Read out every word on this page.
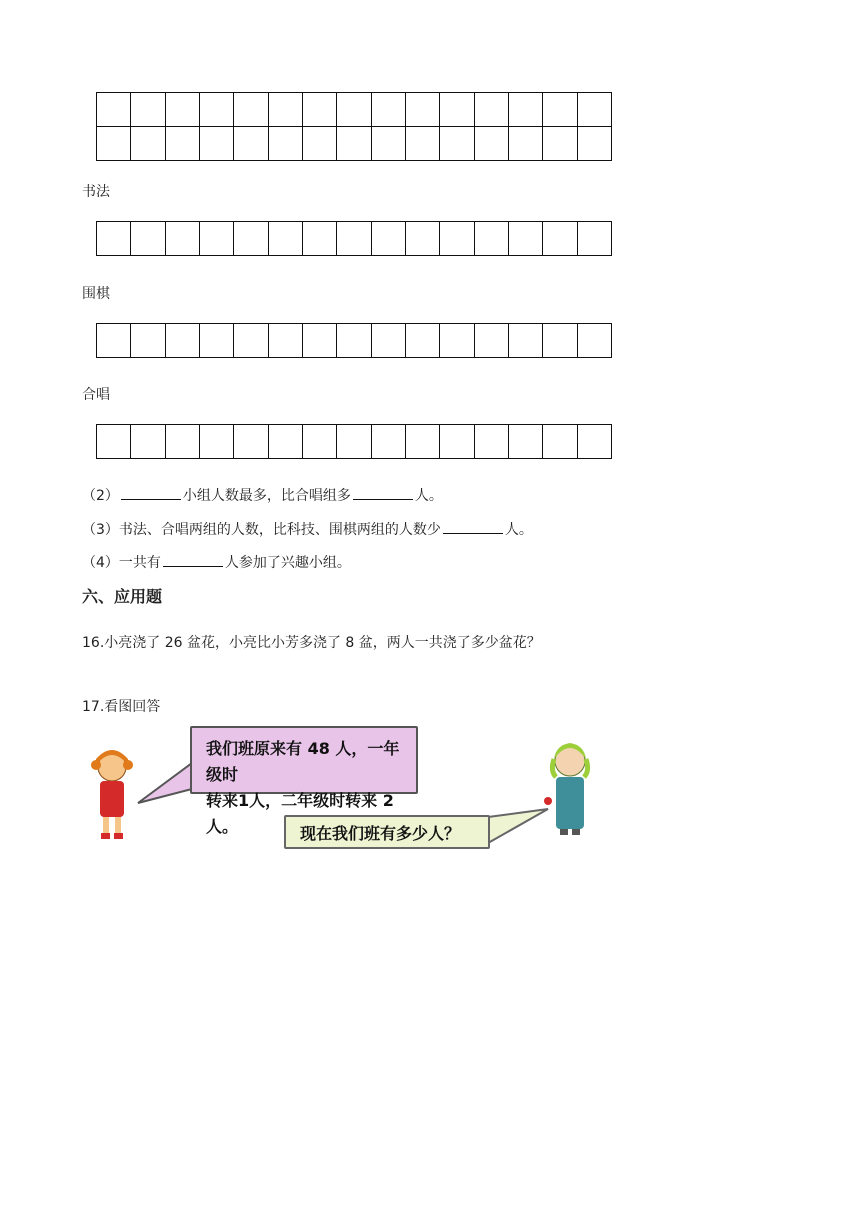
书法
围棋
合唱
（2）	小组人数最多，比合唱组多	人。
（3）书法、合唱两组的人数，比科技、围棋两组的人数少	人。
（4）一共有	人参加了兴趣小组。
六、应用题
16.小亮浇了 26 盆花，小亮比小芳多浇了 8 盆，两人一共浇了多少盆花？
17.看图回答
我们班原来有 48 人，一年级时
转来1人，二年级时转来 2 人。	现在我们班有多少人？
